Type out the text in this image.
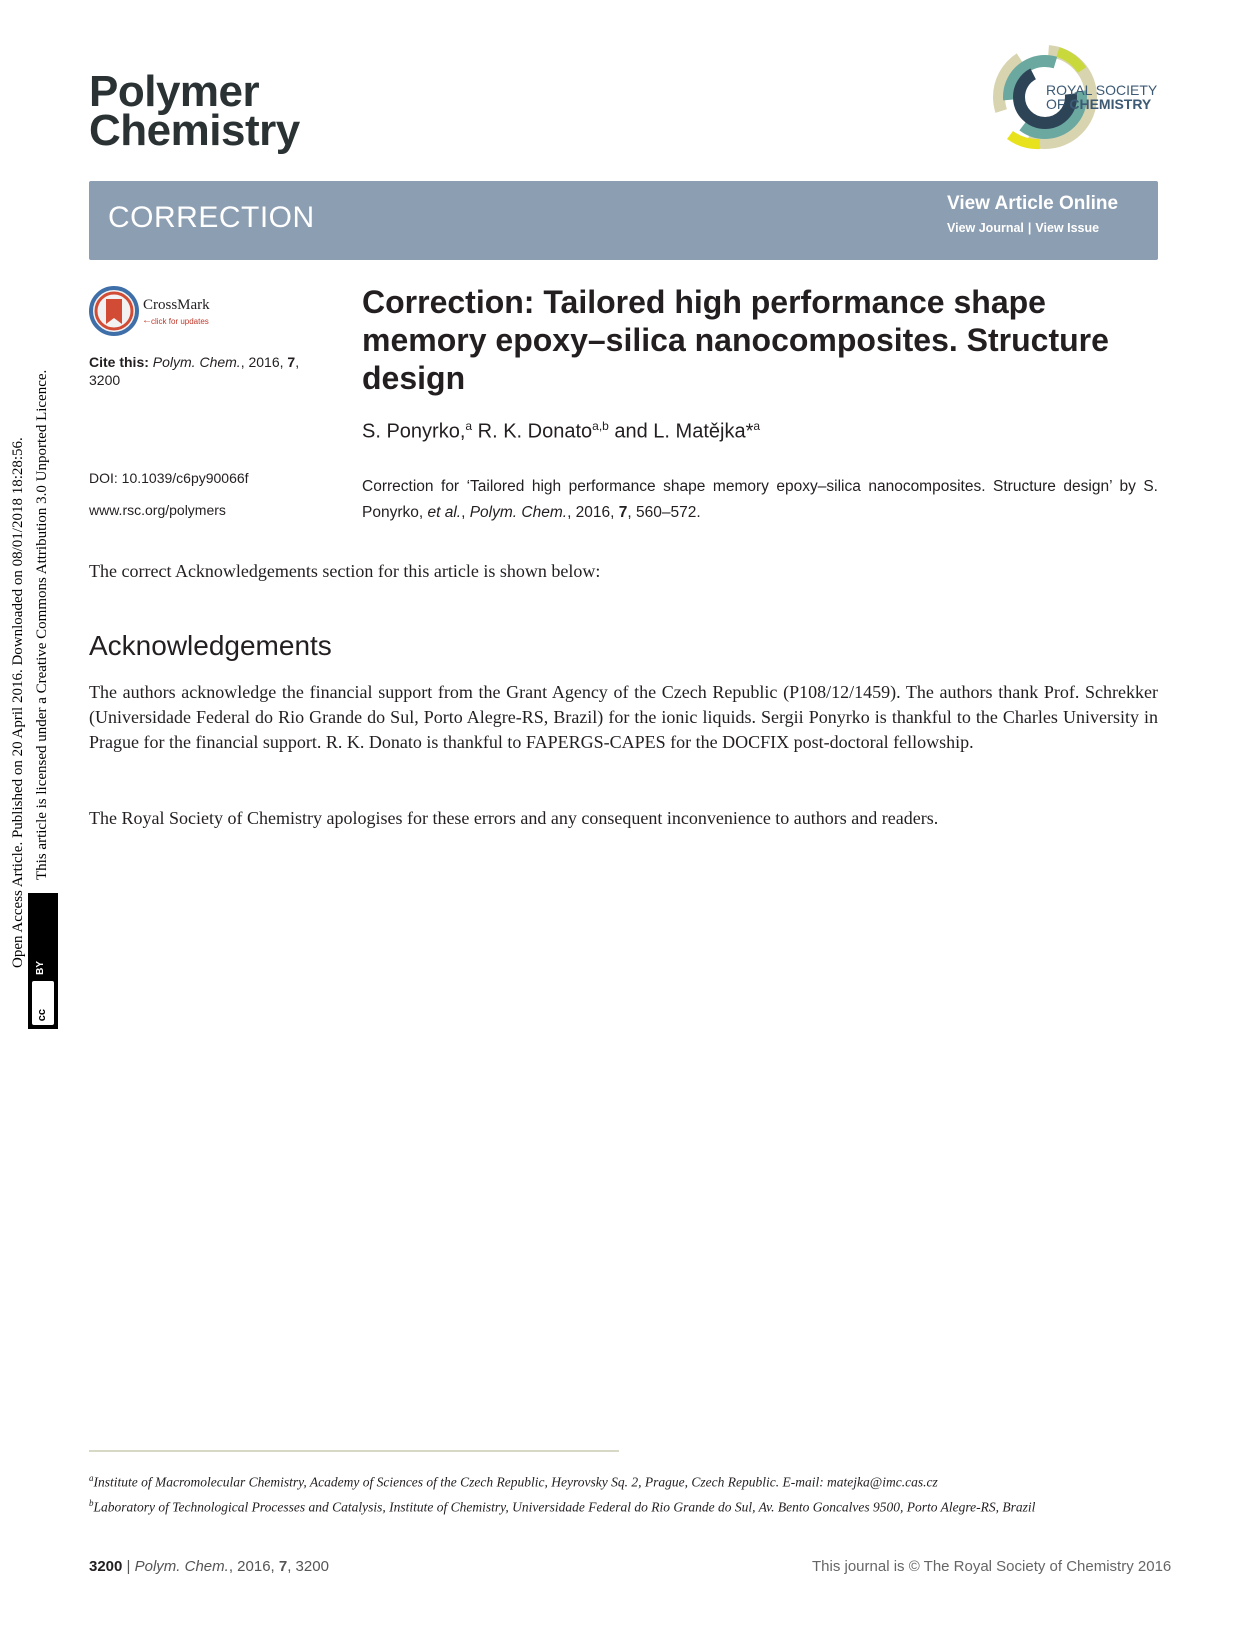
Polymer
Chemistry
ROYAL SOCIETY
OF CHEMISTRY
CORRECTION	View Article Online
View Journal | View Issue
CrossMark
← click for updates
Cite this: Polym. Chem., 2016, 7, 3200
DOI: 10.1039/c6py90066f
www.rsc.org/polymers
Correction: Tailored high performance shape memory epoxy–silica nanocomposites. Structure design
S. Ponyrko,$^a$ R. K. Donato$^{a,b}$ and L. Matějka*$^a$
Correction for ‘Tailored high performance shape memory epoxy–silica nanocomposites. Structure design’ by S. Ponyrko, et al., Polym. Chem., 2016, 7, 560–572.
The correct Acknowledgements section for this article is shown below:
Acknowledgements
The authors acknowledge the financial support from the Grant Agency of the Czech Republic (P108/12/1459). The authors thank Prof. Schrekker (Universidade Federal do Rio Grande do Sul, Porto Alegre-RS, Brazil) for the ionic liquids. Sergii Ponyrko is thankful to the Charles University in Prague for the financial support. R. K. Donato is thankful to FAPERGS-CAPES for the DOCFIX post-doctoral fellowship.
The Royal Society of Chemistry apologises for these errors and any consequent inconvenience to authors and readers.
$^a$Institute of Macromolecular Chemistry, Academy of Sciences of the Czech Republic, Heyrovsky Sq. 2, Prague, Czech Republic. E-mail: matejka@imc.cas.cz
$^b$Laboratory of Technological Processes and Catalysis, Institute of Chemistry, Universidade Federal do Rio Grande do Sul, Av. Bento Goncalves 9500, Porto Alegre-RS, Brazil
3200 | Polym. Chem., 2016, 7, 3200	This journal is © The Royal Society of Chemistry 2016
Open Access Article. Published on 20 April 2016. Downloaded on 08/01/2018 18:28:56. This article is licensed under a Creative Commons Attribution 3.0 Unported Licence.
BY
cc
